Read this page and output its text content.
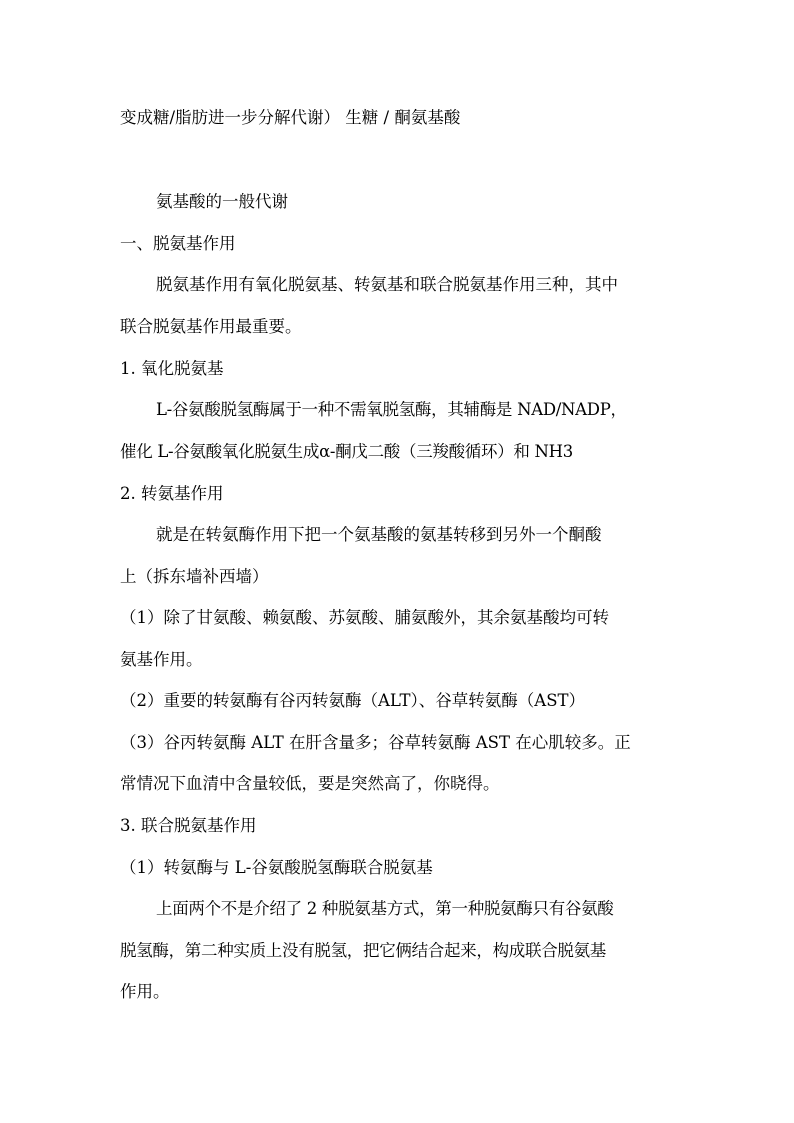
变成糖/脂肪进一步分解代谢） 生糖 / 酮氨基酸
氨基酸的一般代谢
一、脱氨基作用
脱氨基作用有氧化脱氨基、转氨基和联合脱氨基作用三种，其中
联合脱氨基作用最重要。
1. 氧化脱氨基
L-谷氨酸脱氢酶属于一种不需氧脱氢酶，其辅酶是 NAD/NADP，
催化 L-谷氨酸氧化脱氨生成α-酮戊二酸（三羧酸循环）和 NH3
2. 转氨基作用
就是在转氨酶作用下把一个氨基酸的氨基转移到另外一个酮酸
上（拆东墙补西墙）
（1）除了甘氨酸、赖氨酸、苏氨酸、脯氨酸外，其余氨基酸均可转
氨基作用。
（2）重要的转氨酶有谷丙转氨酶（ALT）、谷草转氨酶（AST）
（3）谷丙转氨酶 ALT 在肝含量多；谷草转氨酶 AST 在心肌较多。正
常情况下血清中含量较低，要是突然高了，你晓得。
3. 联合脱氨基作用
（1）转氨酶与 L-谷氨酸脱氢酶联合脱氨基
上面两个不是介绍了 2 种脱氨基方式，第一种脱氨酶只有谷氨酸
脱氢酶，第二种实质上没有脱氢，把它俩结合起来，构成联合脱氨基
作用。
